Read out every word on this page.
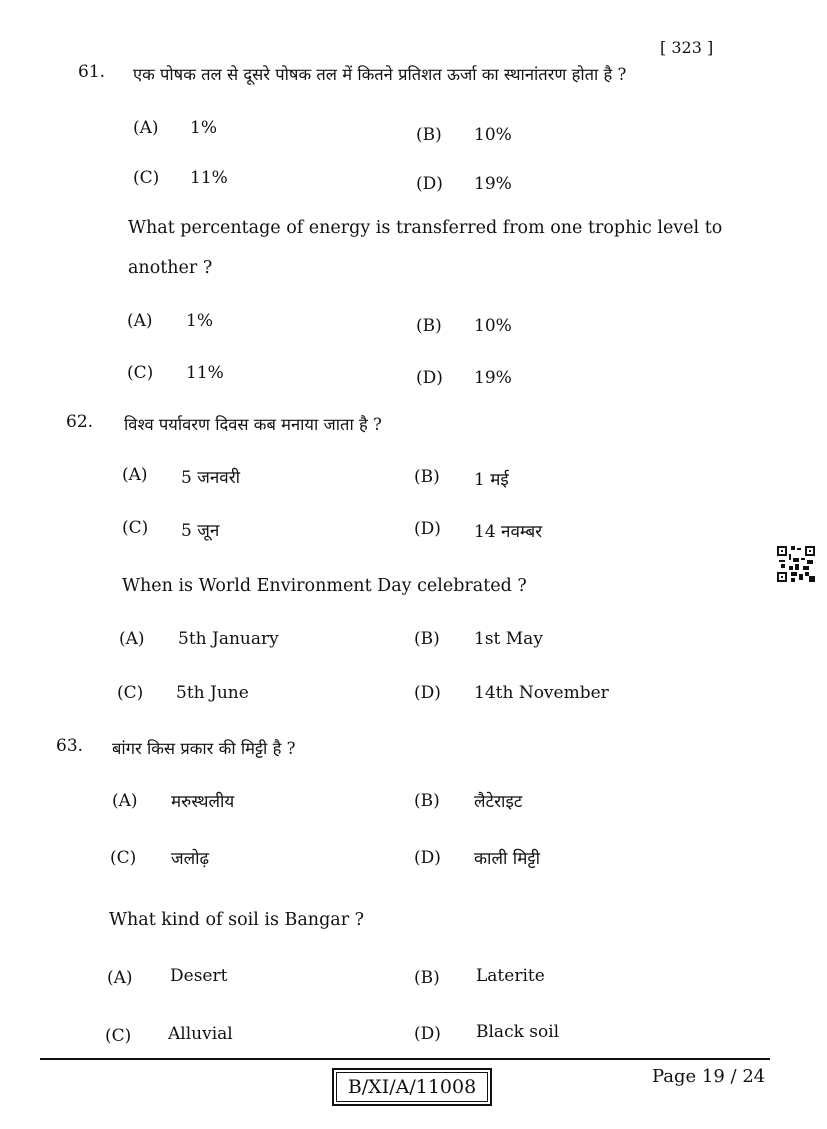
[ 323 ]
61. एक पोषक तल से दूसरे पोषक तल में कितने प्रतिशत ऊर्जा का स्थानांतरण होता है ?
(A) 1%	(B) 10%
(C) 11%	(D) 19%
What percentage of energy is transferred from one trophic level to
another ?
(A) 1%	(B) 10%
(C) 11%	(D) 19%
62. विश्व पर्यावरण दिवस कब मनाया जाता है ?
(A) 5 जनवरी	(B) 1 मई
(C) 5 जून	(D) 14 नवम्बर
When is World Environment Day celebrated ?
(A) 5th January	(B) 1st May
(C) 5th June	(D) 14th November
63. बांगर किस प्रकार की मिट्टी है ?
(A) मरुस्थलीय	(B) लैटेराइट
(C) जलोढ़	(D) काली मिट्टी
What kind of soil is Bangar ?
(A) Desert	(B) Laterite
(C) Alluvial	(D) Black soil
B/XI/A/11008	Page 19 / 24
